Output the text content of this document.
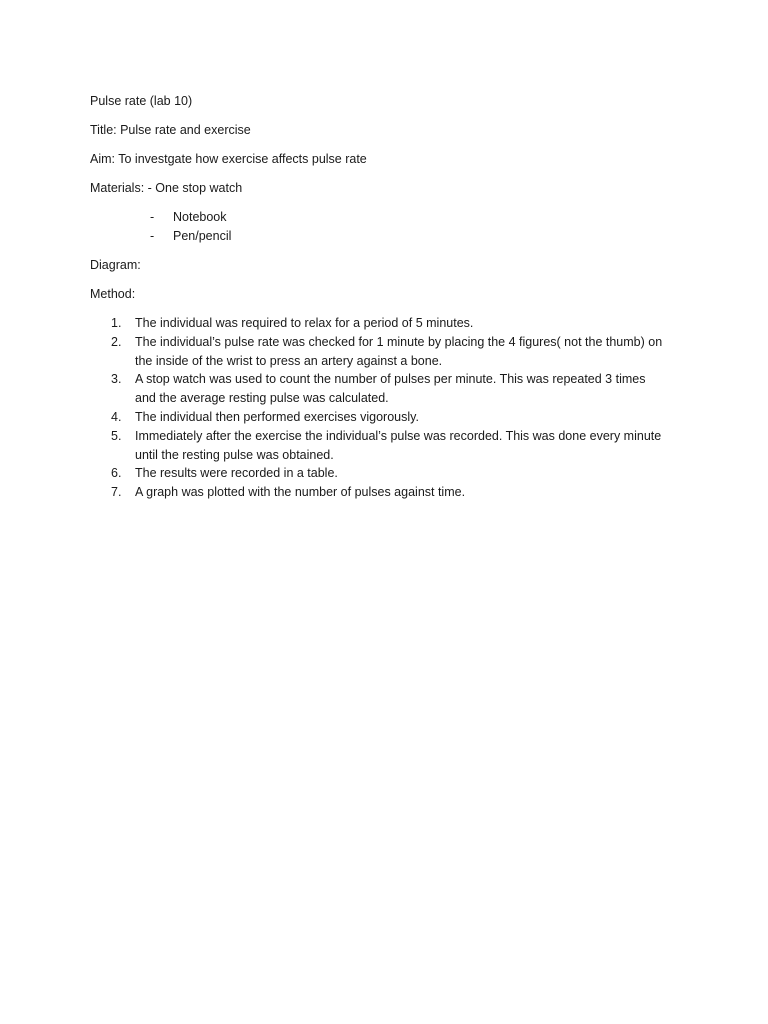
Pulse rate (lab 10)
Title: Pulse rate and exercise
Aim: To investgate how exercise affects pulse rate
Materials: - One stop watch
- Notebook
- Pen/pencil
Diagram:
Method:
1. The individual was required to relax for a period of 5 minutes.
2. The individual’s pulse rate was checked for 1 minute by placing the 4 figures( not the thumb) on
the inside of the wrist to press an artery against a bone.
3. A stop watch was used to count the number of pulses per minute. This was repeated 3 times
and the average resting pulse was calculated.
4. The individual then performed exercises vigorously.
5. Immediately after the exercise the individual’s pulse was recorded. This was done every minute
until the resting pulse was obtained.
6. The results were recorded in a table.
7. A graph was plotted with the number of pulses against time.
